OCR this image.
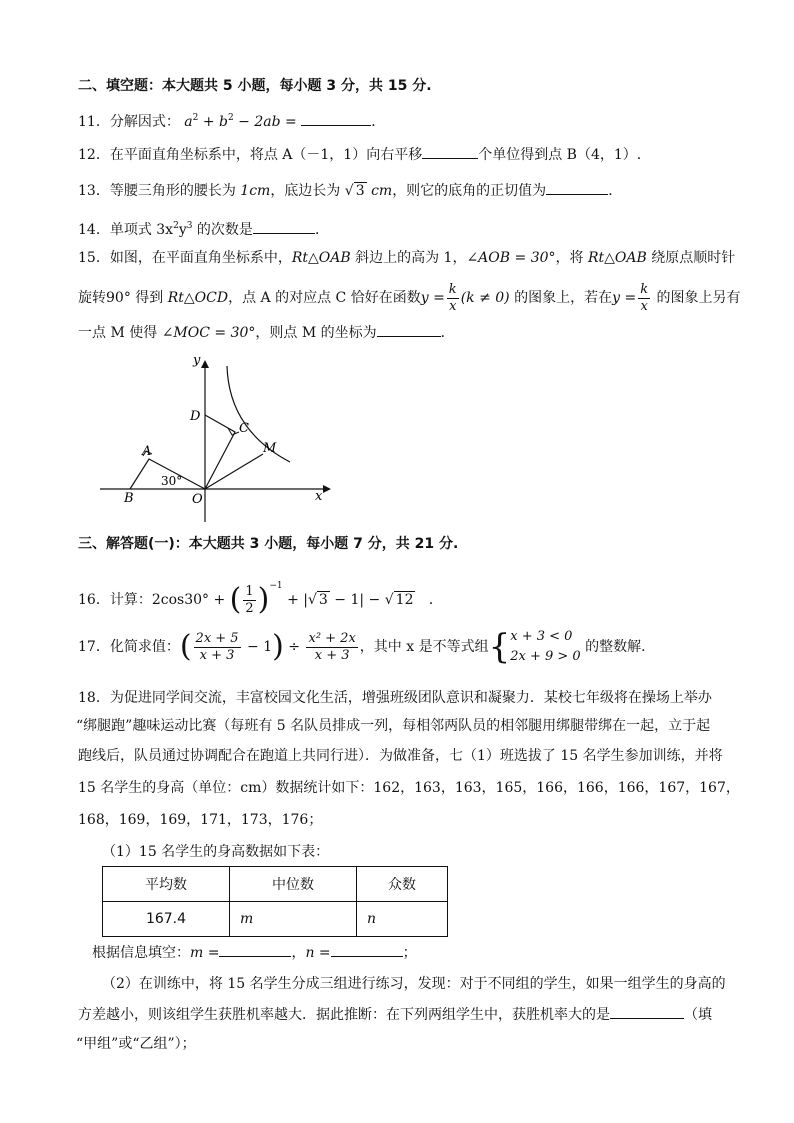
二、填空题：本大题共 5 小题，每小题 3 分，共 15 分.
11．分解因式： $a^2 + b^2 - 2ab$ =	．
12．在平面直角坐标系中，将点 A（－1，1）向右平移	个单位得到点 B（4，1）.
13．等腰三角形的腰长为 1cm，底边长为 √ 3 cm，则它的底角的正切值为	．
14．单项式 $3x^2y^3$ 的次数是	．
15．如图，在平面直角坐标系中，Rt△OAB 斜边上的高为 1，∠AOB = 30°，将 Rt△OAB 绕原点顺时针
旋转90° 得到 Rt△OCD，点 A 的对应点 C 恰好在函数$y = \frac{k}{x} (k \ne 0)$ 的图象上，若在$y = \frac{k}{x}$ 的图象上另有
一点 M 使得 ∠MOC = 30°，则点 M 的坐标为	．
y
x
D
C
A	M
B	O
30°
三、解答题(一)：本大题共 3 小题，每小题 7 分，共 21 分.
16．计算：2cos30° + ( $\frac{1}{2} )^{-1}$ + |√ 3 − 1| − √ 12 ．
17．化简求值：( $\frac{2x + 5}{x + 3} - 1) \div \frac{\text{x² + 2x}}{x + 3}$ ，其中 x 是不等式组{ x + 3 < 0
2x + 9 > 0
的整数解．
18．为促进同学间交流，丰富校园文化生活，增强班级团队意识和凝聚力．某校七年级将在操场上举办
“绑腿跑”趣味运动比赛（每班有 5 名队员排成一列，每相邻两队员的相邻腿用绑腿带绑在一起，立于起
跑线后，队员通过协调配合在跑道上共同行进）．为做准备，七（1）班选拔了 15 名学生参加训练，并将
15 名学生的身高（单位：cm）数据统计如下：162，163，163，165，166，166，166，167，167，
168，169，169，171，173，176；
（1）15 名学生的身高数据如下表：
平均数	中位数	众数
167.4	m	n
根据信息填空：m =	，n =	；
（2）在训练中，将 15 名学生分成三组进行练习，发现：对于不同组的学生，如果一组学生的身高的
方差越小，则该组学生获胜机率越大．据此推断：在下列两组学生中，获胜机率大的是	（填
“甲组”或“乙组”）；
